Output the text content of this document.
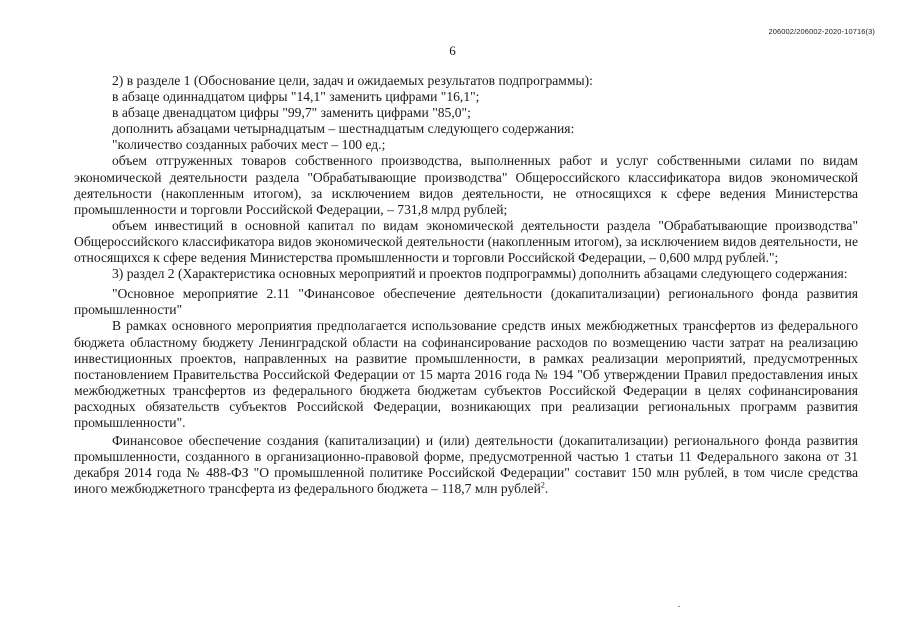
206002/206002-2020-10716(3)
6

2) в разделе 1 (Обоснование цели, задач и ожидаемых результатов подпрограммы):

в абзаце одиннадцатом цифры "14,1" заменить цифрами "16,1";

в абзаце двенадцатом цифры "99,7" заменить цифрами "85,0";

дополнить абзацами четырнадцатым – шестнадцатым следующего содержания:

"количество созданных рабочих мест – 100 ед.;

объем отгруженных товаров собственного производства, выполненных работ и услуг собственными силами по видам экономической деятельности раздела "Обрабатывающие производства" Общероссийского классификатора видов экономической деятельности (накопленным итогом), за исключением видов деятельности, не относящихся к сфере ведения Министерства промышленности и торговли Российской Федерации, – 731,8 млрд рублей;

объем инвестиций в основной капитал по видам экономической деятельности раздела "Обрабатывающие производства" Общероссийского классификатора видов экономической деятельности (накопленным итогом), за исключением видов деятельности, не относящихся к сфере ведения Министерства промышленности и торговли Российской Федерации, – 0,600 млрд рублей.";

3) раздел 2 (Характеристика основных мероприятий и проектов подпрограммы) дополнить абзацами следующего содержания:

"Основное мероприятие 2.11 "Финансовое обеспечение деятельности (докапитализации) регионального фонда развития промышленности"

В рамках основного мероприятия предполагается использование средств иных межбюджетных трансфертов из федерального бюджета областному бюджету Ленинградской области на софинансирование расходов по возмещению части затрат на реализацию инвестиционных проектов, направленных на развитие промышленности, в рамках реализации мероприятий, предусмотренных постановлением Правительства Российской Федерации от 15 марта 2016 года № 194 "Об утверждении Правил предоставления иных межбюджетных трансфертов из федерального бюджета бюджетам субъектов Российской Федерации в целях софинансирования расходных обязательств субъектов Российской Федерации, возникающих при реализации региональных программ развития промышленности".

Финансовое обеспечение создания (капитализации) и (или) деятельности (докапитализации) регионального фонда развития промышленности, созданного в организационно-правовой форме, предусмотренной частью 1 статьи 11 Федерального закона от 31 декабря 2014 года № 488-ФЗ "О промышленной политике Российской Федерации" составит 150 млн рублей, в том числе средства иного межбюджетного трансферта из федерального бюджета – 118,7 млн рублей$^2$.
